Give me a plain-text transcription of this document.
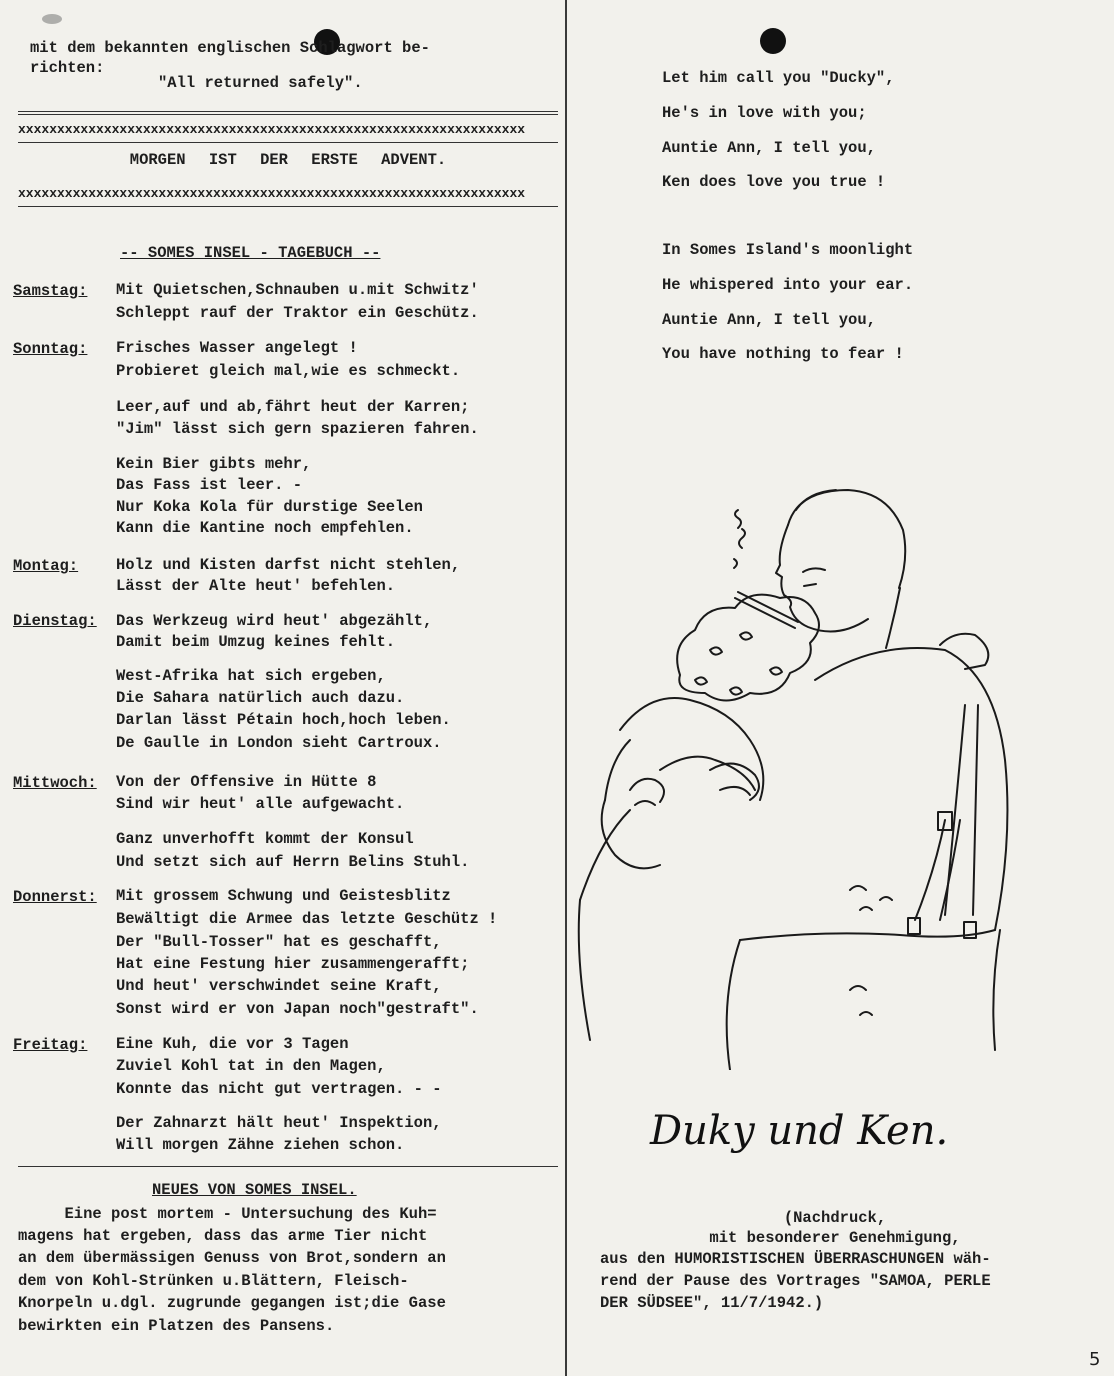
mit dem bekannten englischen Schlagwort be-
richten:
"All returned safely".
xxxxxxxxxxxxxxxxxxxxxxxxxxxxxxxxxxxxxxxxxxxxxxxxxxxxxxxxxxxxxxxxx
MORGEN IST DER ERSTE ADVENT.
xxxxxxxxxxxxxxxxxxxxxxxxxxxxxxxxxxxxxxxxxxxxxxxxxxxxxxxxxxxxxxxxx
-- SOMES INSEL - TAGEBUCH --
Samstag: Mit Quietschen,Schnauben u.mit Schwitz'
Schleppt rauf der Traktor ein Geschütz.
Sonntag: Frisches Wasser angelegt !
Probieret gleich mal,wie es schmeckt.
Leer,auf und ab,fährt heut der Karren;
"Jim" lässt sich gern spazieren fahren.
Kein Bier gibts mehr,
Das Fass ist leer. -
Nur Koka Kola für durstige Seelen
Kann die Kantine noch empfehlen.
Montag: Holz und Kisten darfst nicht stehlen,
Lässt der Alte heut' befehlen.
Dienstag: Das Werkzeug wird heut' abgezählt,
Damit beim Umzug keines fehlt.
West-Afrika hat sich ergeben,
Die Sahara natürlich auch dazu.
Darlan lässt Pétain hoch,hoch leben.
De Gaulle in London sieht Cartroux.
Mittwoch: Von der Offensive in Hütte 8
Sind wir heut' alle aufgewacht.
Ganz unverhofft kommt der Konsul
Und setzt sich auf Herrn Belins Stuhl.
Donnerst: Mit grossem Schwung und Geistesblitz
Bewältigt die Armee das letzte Geschütz !
Der "Bull-Tosser" hat es geschafft,
Hat eine Festung hier zusammengerafft;
Und heut' verschwindet seine Kraft,
Sonst wird er von Japan noch"gestraft".
Freitag: Eine Kuh, die vor 3 Tagen
Zuviel Kohl tat in den Magen,
Konnte das nicht gut vertragen. - -
Der Zahnarzt hält heut' Inspektion,
Will morgen Zähne ziehen schon.
NEUES VON SOMES INSEL.
Eine post mortem - Untersuchung des Kuh=
magens hat ergeben, dass das arme Tier nicht
an dem übermässigen Genuss von Brot,sondern an
dem von Kohl-Strünken u.Blättern, Fleisch-
Knorpeln u.dgl. zugrunde gegangen ist;die Gase
bewirkten ein Platzen des Pansens.
Let him call you "Ducky",
He's in love with you;
Auntie Ann, I tell you,
Ken does love you true !
In Somes Island's moonlight
He whispered into your ear.
Auntie Ann, I tell you,
You have nothing to fear !
Duky und Ken.
(Nachdruck,
mit besonderer Genehmigung,
aus den HUMORISTISCHEN ÜBERRASCHUNGEN wäh-
rend der Pause des Vortrages "SAMOA, PERLE
DER SÜDSEE", 11/7/1942.)
5
